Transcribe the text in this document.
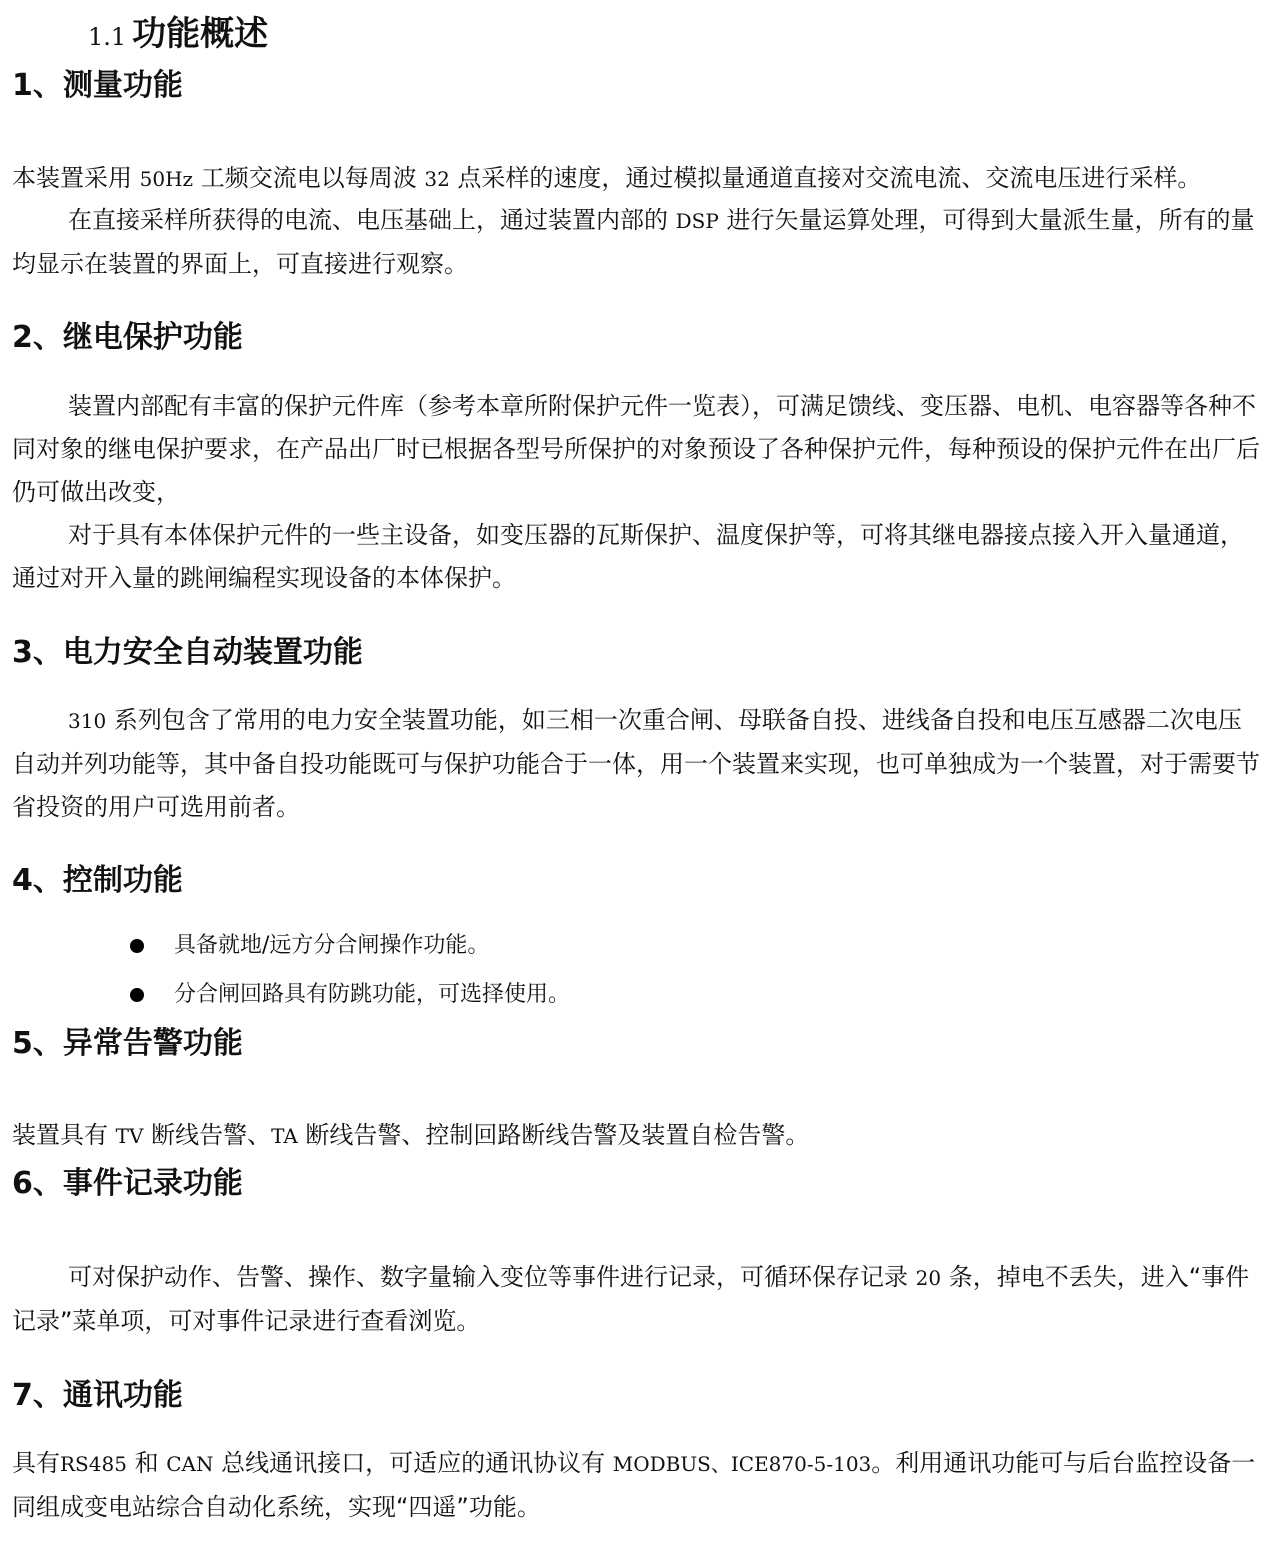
1.1 功能概述
1、测量功能

本装置采用 50Hz 工频交流电以每周波 32 点采样的速度，通过模拟量通道直接对交流电流、交流电压进行采样。

在直接采样所获得的电流、电压基础上，通过装置内部的 DSP 进行矢量运算处理，可得到大量派生量，所有的量均显示在装置的界面上，可直接进行观察。

2、继电保护功能

装置内部配有丰富的保护元件库（参考本章所附保护元件一览表），可满足馈线、变压器、电机、电容器等各种不同对象的继电保护要求，在产品出厂时已根据各型号所保护的对象预设了各种保护元件，每种预设的保护元件在出厂后仍可做出改变，

对于具有本体保护元件的一些主设备，如变压器的瓦斯保护、温度保护等，可将其继电器接点接入开入量通道，通过对开入量的跳闸编程实现设备的本体保护。

3、电力安全自动装置功能

310 系列包含了常用的电力安全装置功能，如三相一次重合闸、母联备自投、进线备自投和电压互感器二次电压自动并列功能等，其中备自投功能既可与保护功能合于一体，用一个装置来实现，也可单独成为一个装置，对于需要节省投资的用户可选用前者。

4、控制功能
具备就地/远方分合闸操作功能。
分合闸回路具有防跳功能，可选择使用。
5、异常告警功能

装置具有 TV 断线告警、TA 断线告警、控制回路断线告警及装置自检告警。

6、事件记录功能

可对保护动作、告警、操作、数字量输入变位等事件进行记录，可循环保存记录 20 条，掉电不丢失，进入“事件记录”菜单项，可对事件记录进行查看浏览。

7、通讯功能

具有RS485 和 CAN 总线通讯接口，可适应的通讯协议有 MODBUS、ICE870-5-103。利用通讯功能可与后台监控设备一同组成变电站综合自动化系统，实现“四遥”功能。
